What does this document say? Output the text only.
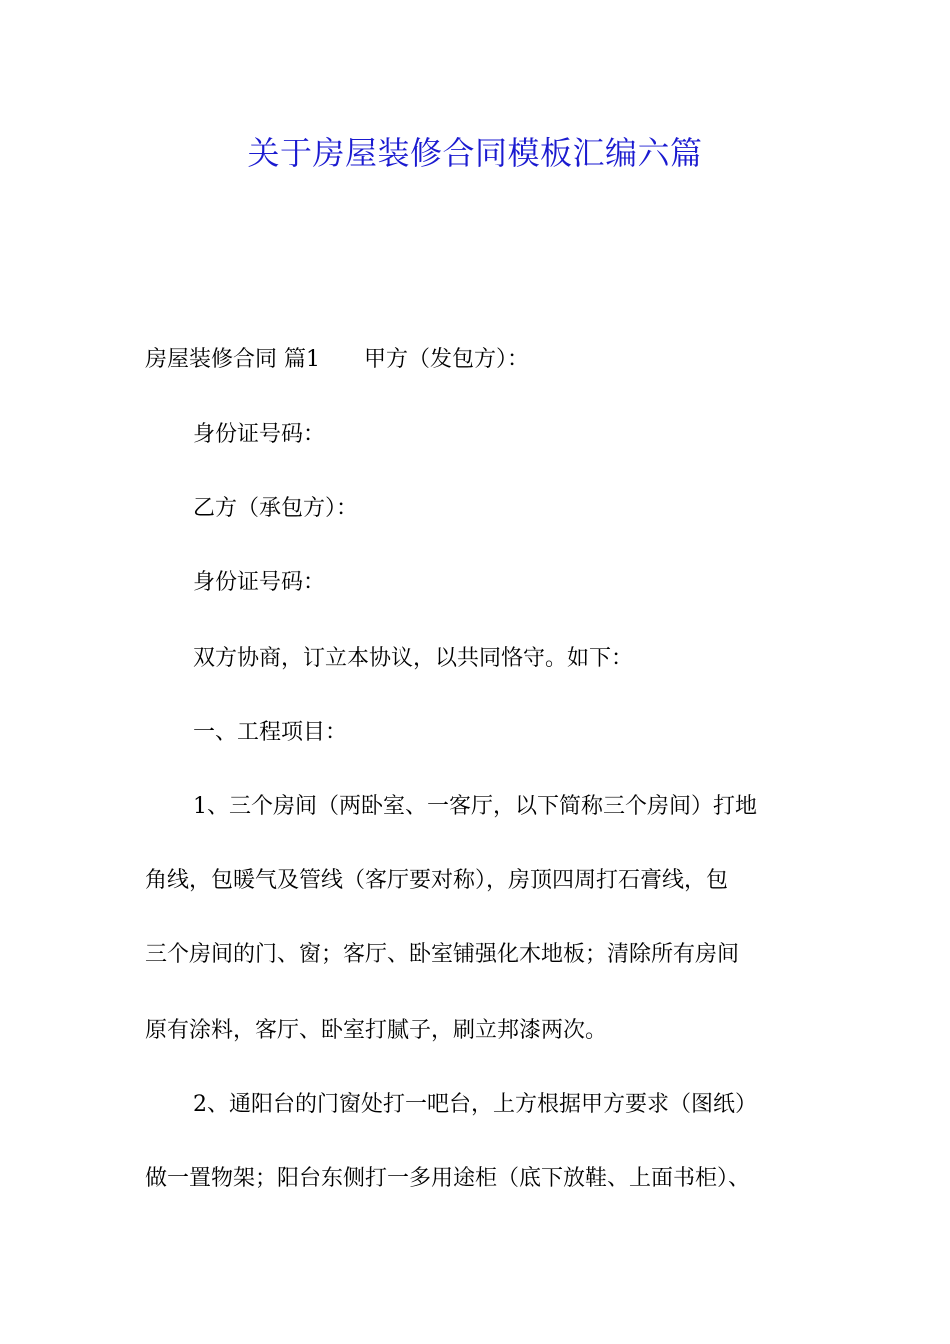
关于房屋装修合同模板汇编六篇
房屋装修合同 篇1 甲方（发包方）：
身份证号码：
乙方（承包方）：
身份证号码：
双方协商，订立本协议，以共同恪守。如下：
一、工程项目：
1、三个房间（两卧室、一客厅，以下简称三个房间）打地
角线，包暖气及管线（客厅要对称），房顶四周打石膏线，包
三个房间的门、窗；客厅、卧室铺强化木地板；清除所有房间
原有涂料，客厅、卧室打腻子，刷立邦漆两次。
2、通阳台的门窗处打一吧台，上方根据甲方要求（图纸）
做一置物架；阳台东侧打一多用途柜（底下放鞋、上面书柜）、
